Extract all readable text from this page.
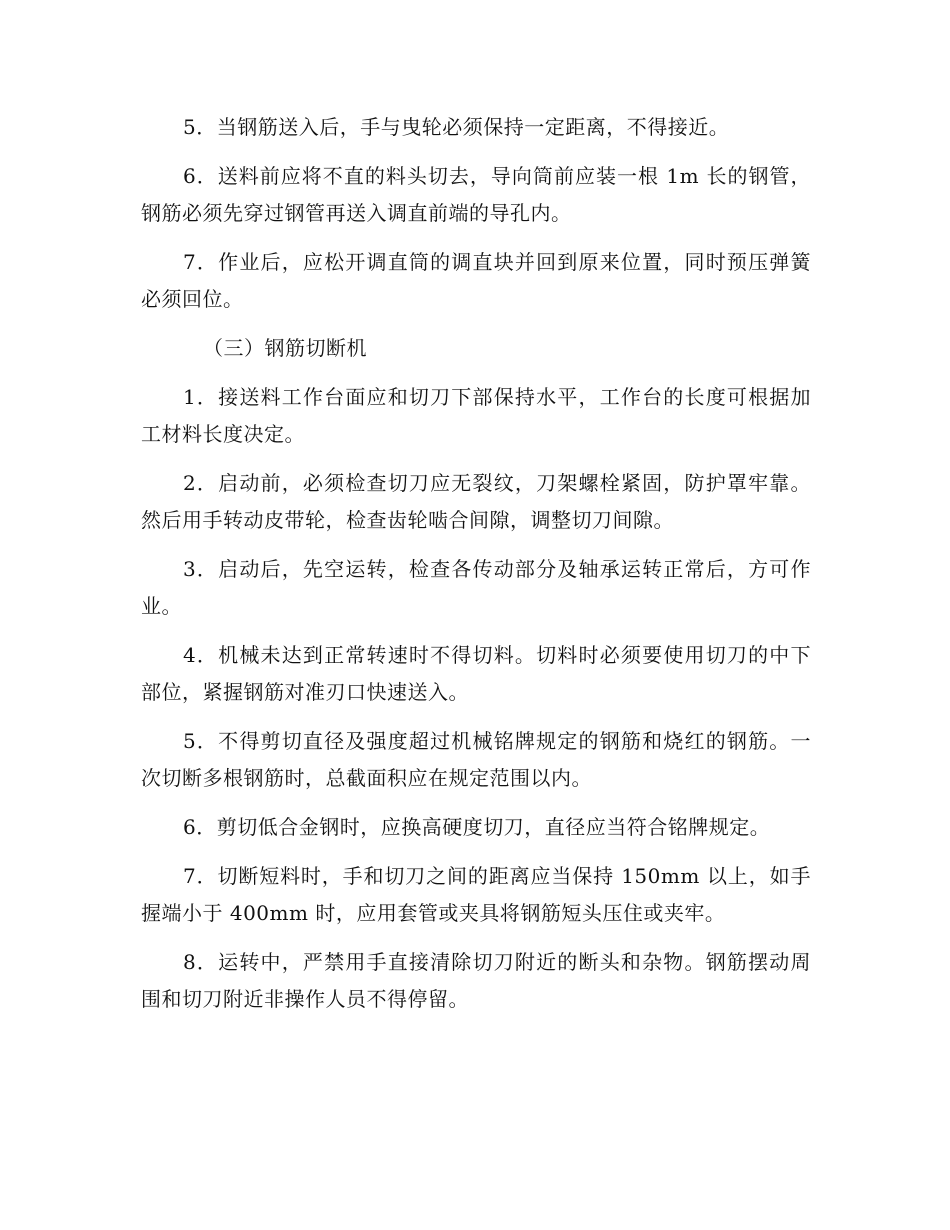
5．当钢筋送入后，手与曳轮必须保持一定距离，不得接近。

6．送料前应将不直的料头切去，导向筒前应装一根 1m 长的钢管，钢筋必须先穿过钢管再送入调直前端的导孔内。

7．作业后，应松开调直筒的调直块并回到原来位置，同时预压弹簧必须回位。

（三）钢筋切断机

1．接送料工作台面应和切刀下部保持水平，工作台的长度可根据加工材料长度决定。

2．启动前，必须检查切刀应无裂纹，刀架螺栓紧固，防护罩牢靠。然后用手转动皮带轮，检查齿轮啮合间隙，调整切刀间隙。

3．启动后，先空运转，检查各传动部分及轴承运转正常后，方可作业。

4．机械未达到正常转速时不得切料。切料时必须要使用切刀的中下部位，紧握钢筋对准刃口快速送入。

5．不得剪切直径及强度超过机械铭牌规定的钢筋和烧红的钢筋。一次切断多根钢筋时，总截面积应在规定范围以内。

6．剪切低合金钢时，应换高硬度切刀，直径应当符合铭牌规定。

7．切断短料时，手和切刀之间的距离应当保持 150mm 以上，如手握端小于 400mm 时，应用套管或夹具将钢筋短头压住或夹牢。

8．运转中，严禁用手直接清除切刀附近的断头和杂物。钢筋摆动周围和切刀附近非操作人员不得停留。
